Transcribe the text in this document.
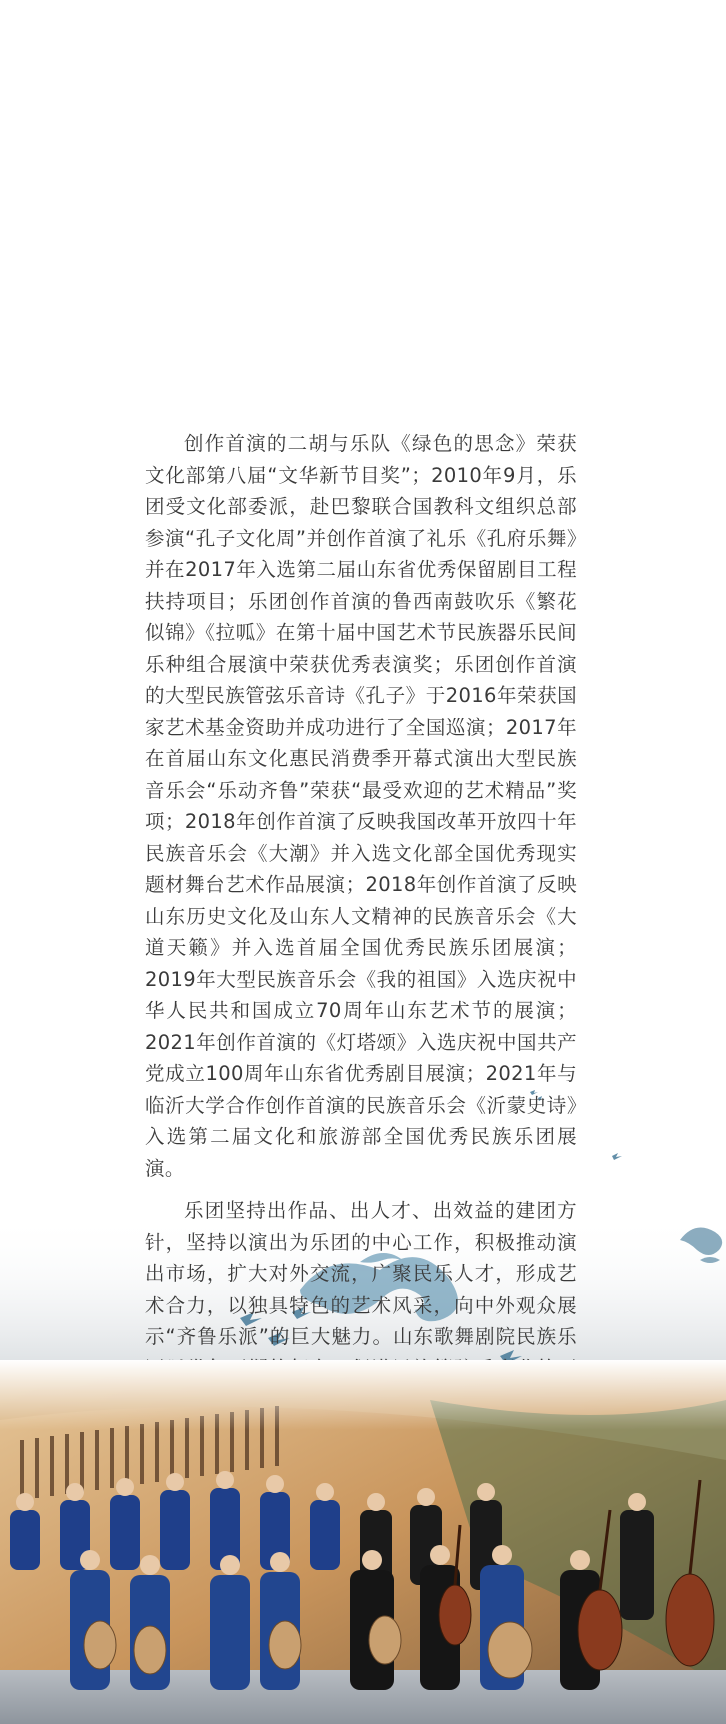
创作首演的二胡与乐队《绿色的思念》荣获文化部第八届“文华新节目奖”；2010年9月，乐团受文化部委派，赴巴黎联合国教科文组织总部参演“孔子文化周”并创作首演了礼乐《孔府乐舞》并在2017年入选第二届山东省优秀保留剧目工程扶持项目；乐团创作首演的鲁西南鼓吹乐《繁花似锦》《拉呱》在第十届中国艺术节民族器乐民间乐种组合展演中荣获优秀表演奖；乐团创作首演的大型民族管弦乐音诗《孔子》于2016年荣获国家艺术基金资助并成功进行了全国巡演；2017年在首届山东文化惠民消费季开幕式演出大型民族音乐会“乐动齐鲁”荣获“最受欢迎的艺术精品”奖项；2018年创作首演了反映我国改革开放四十年民族音乐会《大潮》并入选文化部全国优秀现实题材舞台艺术作品展演；2018年创作首演了反映山东历史文化及山东人文精神的民族音乐会《大道天籁》并入选首届全国优秀民族乐团展演；2019年大型民族音乐会《我的祖国》入选庆祝中华人民共和国成立70周年山东艺术节的展演；2021年创作首演的《灯塔颂》入选庆祝中国共产党成立100周年山东省优秀剧目展演；2021年与临沂大学合作创作首演的民族音乐会《沂蒙史诗》入选第二届文化和旅游部全国优秀民族乐团展演。

乐团坚持出作品、出人才、出效益的建团方针，坚持以演出为乐团的中心工作，积极推动演出市场，扩大对外交流，广聚民乐人才，形成艺术合力，以独具特色的艺术风采，向中外观众展示“齐鲁乐派”的巨大魅力。山东歌舞剧院民族乐
